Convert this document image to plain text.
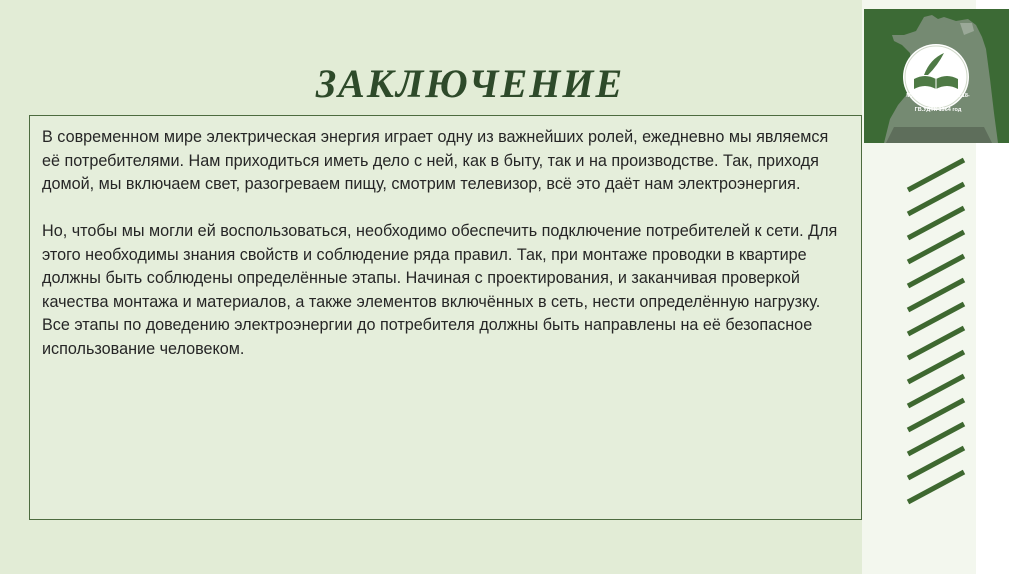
ЗАКЛЮЧЕНИЕ

В современном мире электрическая энергия играет одну из важнейших ролей, ежедневно мы являемся её потребителями. Нам приходиться иметь дело с ней, как в быту, так и на производстве. Так, приходя домой, мы включаем свет, разогреваем пищу, смотрим телевизор, всё это даёт нам электроэнергия.

Но, чтобы мы могли ей воспользоваться, необходимо обеспечить подключение потребителей к сети. Для этого необходимы знания свойств и соблюдение ряда правил. Так, при монтаже проводки в квартире должны быть соблюдены определённые этапы. Начиная с проектирования, и заканчивая проверкой качества монтажа и материалов, а также элементов включённых в сеть, нести определённую нагрузку. Все этапы по доведению электроэнергии до потребителя должны быть направлены на её безопасное использование человеком.

МАОУ СОШ №32 им.18-го
ГВ.УДТК 1964 год
